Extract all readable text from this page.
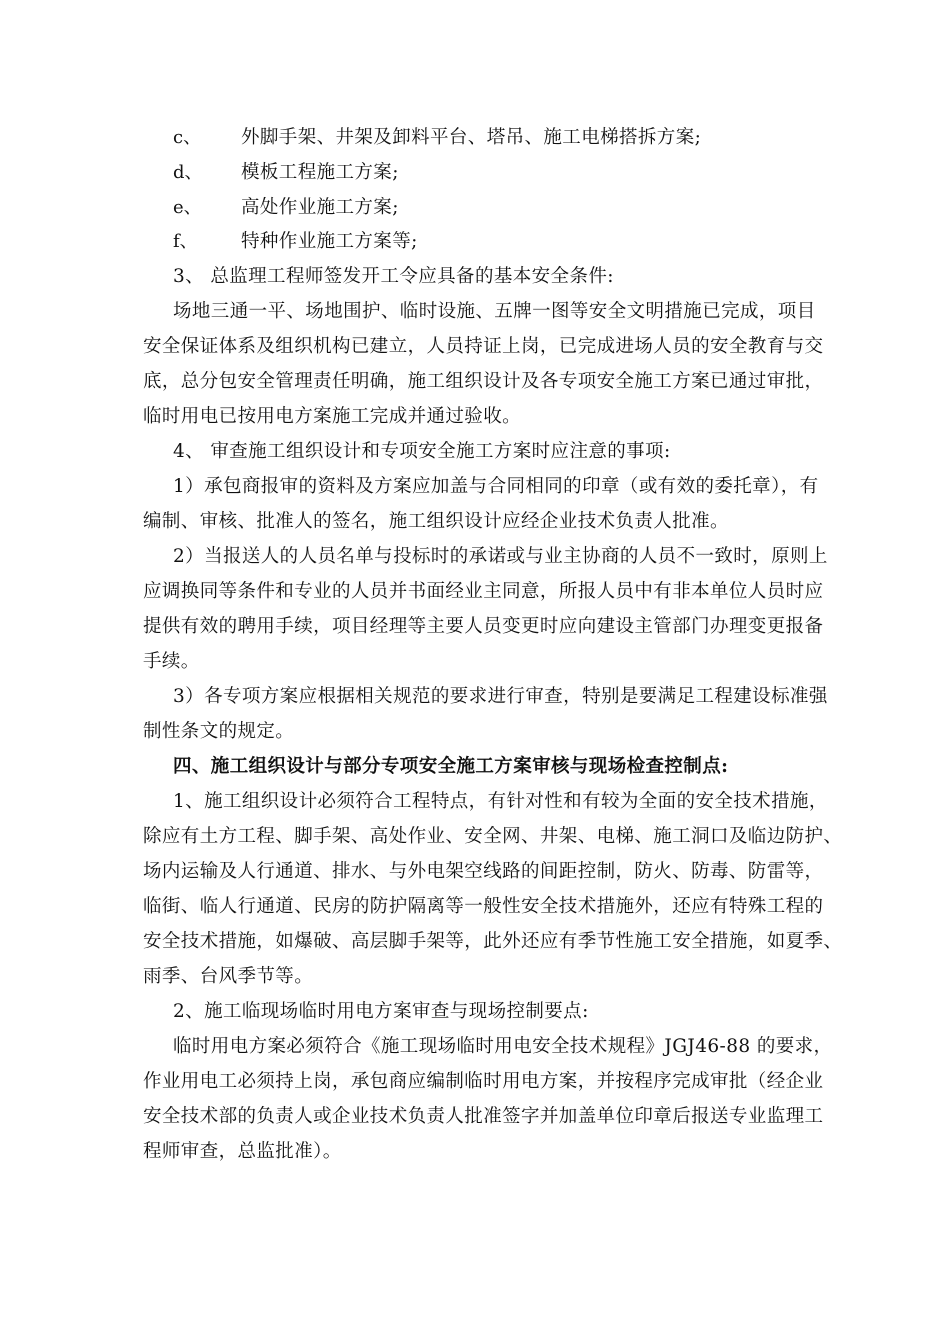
c、 外脚手架、井架及卸料平台、塔吊、施工电梯搭拆方案;
d、 模板工程施工方案;
e、 高处作业施工方案;
f、 特种作业施工方案等;
3、 总监理工程师签发开工令应具备的基本安全条件:
场地三通一平、场地围护、临时设施、五牌一图等安全文明措施已完成，项目
安全保证体系及组织机构已建立，人员持证上岗，已完成进场人员的安全教育与交
底，总分包安全管理责任明确，施工组织设计及各专项安全施工方案已通过审批，
临时用电已按用电方案施工完成并通过验收。
4、 审查施工组织设计和专项安全施工方案时应注意的事项:
1）承包商报审的资料及方案应加盖与合同相同的印章（或有效的委托章），有
编制、审核、批准人的签名，施工组织设计应经企业技术负责人批准。
2）当报送人的人员名单与投标时的承诺或与业主协商的人员不一致时，原则上
应调换同等条件和专业的人员并书面经业主同意，所报人员中有非本单位人员时应
提供有效的聘用手续，项目经理等主要人员变更时应向建设主管部门办理变更报备
手续。
3）各专项方案应根据相关规范的要求进行审查，特别是要满足工程建设标准强
制性条文的规定。
四、施工组织设计与部分专项安全施工方案审核与现场检查控制点:
1、施工组织设计必须符合工程特点，有针对性和有较为全面的安全技术措施，
除应有土方工程、脚手架、高处作业、安全网、井架、电梯、施工洞口及临边防护、
场内运输及人行通道、排水、与外电架空线路的间距控制，防火、防毒、防雷等，
临街、临人行通道、民房的防护隔离等一般性安全技术措施外，还应有特殊工程的
安全技术措施，如爆破、高层脚手架等，此外还应有季节性施工安全措施，如夏季、
雨季、台风季节等。
2、施工临现场临时用电方案审查与现场控制要点:
临时用电方案必须符合《施工现场临时用电安全技术规程》JGJ46-88 的要求，
作业用电工必须持上岗，承包商应编制临时用电方案，并按程序完成审批（经企业
安全技术部的负责人或企业技术负责人批准签字并加盖单位印章后报送专业监理工
程师审查，总监批准）。
